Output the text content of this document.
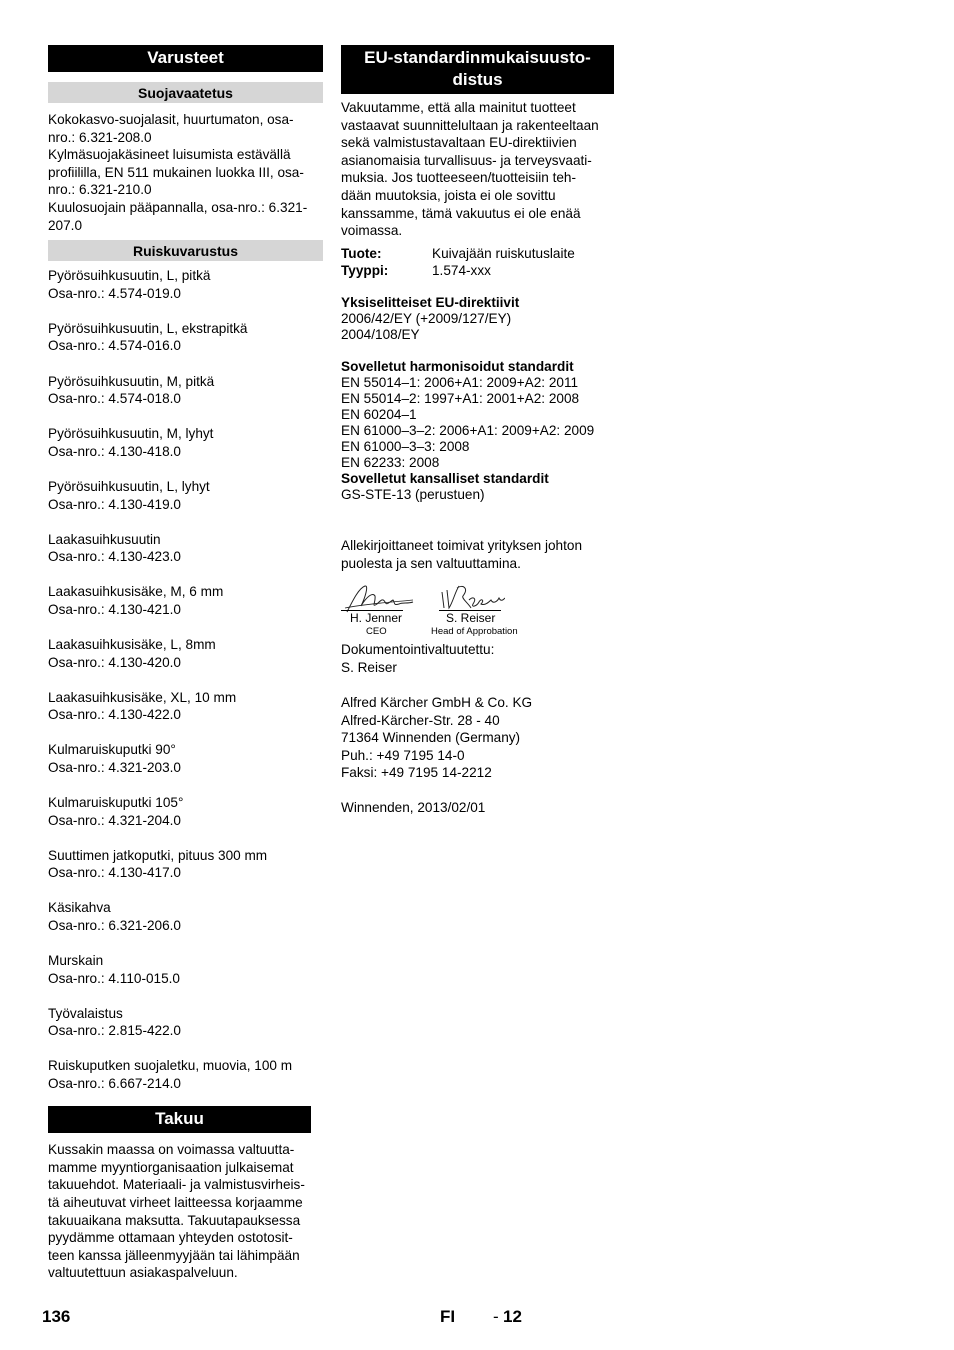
Varusteet
Suojavaatetus

Kokokasvo-suojalasit, huurtumaton, osa-
nro.: 6.321-208.0
Kylmäsuojakäsineet luisumista estävällä
profiililla, EN 511 mukainen luokka III, osa-
nro.: 6.321-210.0
Kuulosuojain pääpannalla, osa-nro.: 6.321-
207.0

Ruiskuvarustus
Pyörösuihkusuutin, L, pitkä
Osa-nro.: 4.574-019.0
Pyörösuihkusuutin, L, ekstrapitkä
Osa-nro.: 4.574-016.0
Pyörösuihkusuutin, M, pitkä
Osa-nro.: 4.574-018.0
Pyörösuihkusuutin, M, lyhyt
Osa-nro.: 4.130-418.0
Pyörösuihkusuutin, L, lyhyt
Osa-nro.: 4.130-419.0
Laakasuihkusuutin
Osa-nro.: 4.130-423.0
Laakasuihkusisäke, M, 6 mm
Osa-nro.: 4.130-421.0
Laakasuihkusisäke, L, 8mm
Osa-nro.: 4.130-420.0
Laakasuihkusisäke, XL, 10 mm
Osa-nro.: 4.130-422.0
Kulmaruiskuputki 90°
Osa-nro.: 4.321-203.0
Kulmaruiskuputki 105°
Osa-nro.: 4.321-204.0
Suuttimen jatkoputki, pituus 300 mm
Osa-nro.: 4.130-417.0
Käsikahva
Osa-nro.: 6.321-206.0
Murskain
Osa-nro.: 4.110-015.0
Työvalaistus
Osa-nro.: 2.815-422.0
Ruiskuputken suojaletku, muovia, 100 m
Osa-nro.: 6.667-214.0
Takuu

Kussakin maassa on voimassa valtuutta-
mamme myyntiorganisaation julkaisemat
takuuehdot. Materiaali- ja valmistusvirheis-
tä aiheutuvat virheet laitteessa korjaamme
takuuaikana maksutta. Takuutapauksessa
pyydämme ottamaan yhteyden ostotosit-
teen kanssa jälleenmyyjään tai lähimpään
valtuutettuun asiakaspalveluun.

EU-standardinmukaisuusto-
distus

Vakuutamme, että alla mainitut tuotteet
vastaavat suunnittelultaan ja rakenteeltaan
sekä valmistustavaltaan EU-direktiivien
asianomaisia turvallisuus- ja terveysvaati-
muksia. Jos tuotteeseen/tuotteisiin teh-
dään muutoksia, joista ei ole sovittu
kanssamme, tämä vakuutus ei ole enää
voimassa.

Tuote:	Kuivajään ruiskutuslaite
Tyyppi:	1.574-xxx

Yksiselitteiset EU-direktiivit

2006/42/EY (+2009/127/EY)
2004/108/EY

Sovelletut harmonisoidut standardit

EN 55014–1: 2006+A1: 2009+A2: 2011
EN 55014–2: 1997+A1: 2001+A2: 2008
EN 60204–1
EN 61000–3–2: 2006+A1: 2009+A2: 2009
EN 61000–3–3: 2008
EN 62233: 2008

Sovelletut kansalliset standardit

GS-STE-13 (perustuen)

Allekirjoittaneet toimivat yrityksen johton
puolesta ja sen valtuuttamina.

H. Jenner
CEO
S. Reiser
Head of Approbation

Dokumentointivaltuutettu:
S. Reiser

Alfred Kärcher GmbH & Co. KG
Alfred-Kärcher-Str. 28 - 40
71364 Winnenden (Germany)
Puh.: +49 7195 14-0
Faksi: +49 7195 14-2212

Winnenden, 2013/02/01

136	FI - 12
